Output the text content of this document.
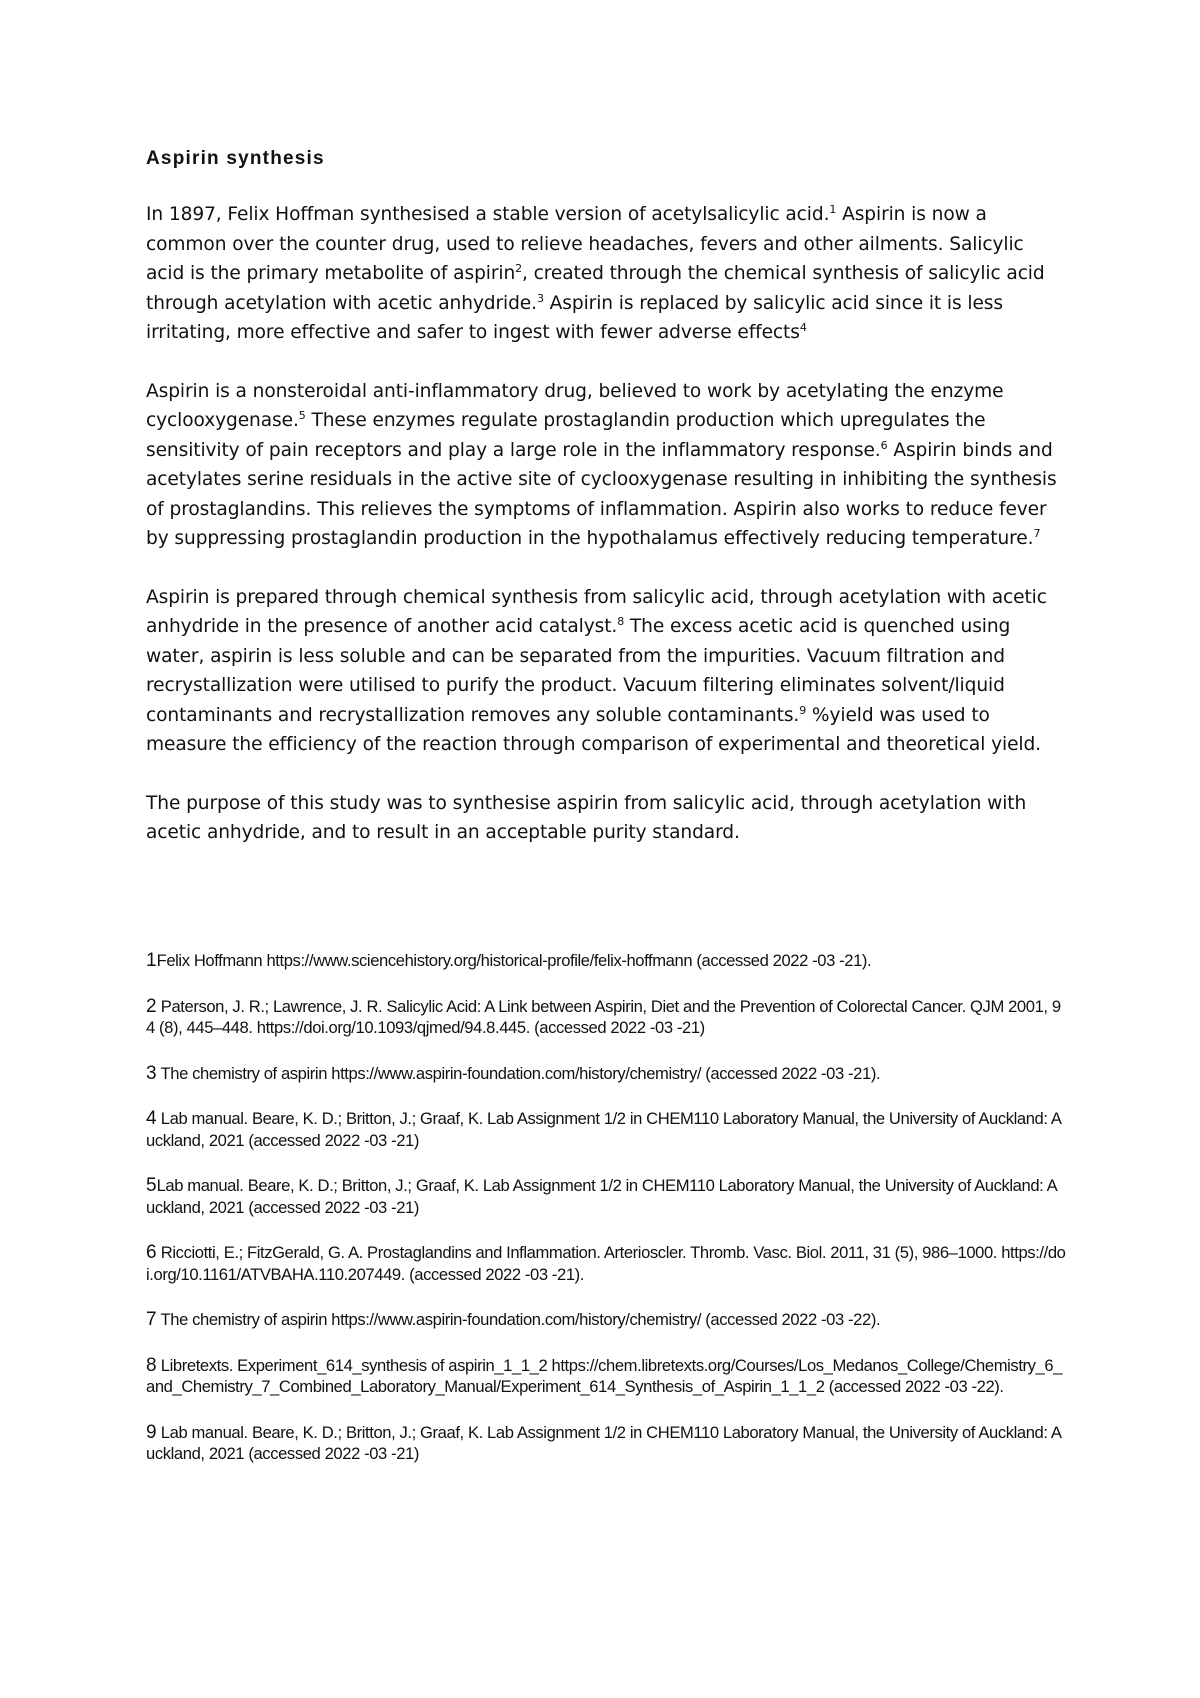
Aspirin synthesis

In 1897, Felix Hoffman synthesised a stable version of acetylsalicylic acid.$^1$ Aspirin is now a common over the counter drug, used to relieve headaches, fevers and other ailments. Salicylic acid is the primary metabolite of aspirin$^2$, created through the chemical synthesis of salicylic acid through acetylation with acetic anhydride.$^3$ Aspirin is replaced by salicylic acid since it is less irritating, more effective and safer to ingest with fewer adverse effects$^4$

Aspirin is a nonsteroidal anti-inflammatory drug, believed to work by acetylating the enzyme cyclooxygenase.$^5$ These enzymes regulate prostaglandin production which upregulates the sensitivity of pain receptors and play a large role in the inflammatory response.$^6$ Aspirin binds and acetylates serine residuals in the active site of cyclooxygenase resulting in inhibiting the synthesis of prostaglandins. This relieves the symptoms of inflammation. Aspirin also works to reduce fever by suppressing prostaglandin production in the hypothalamus effectively reducing temperature.$^7$

Aspirin is prepared through chemical synthesis from salicylic acid, through acetylation with acetic anhydride in the presence of another acid catalyst.$^8$ The excess acetic acid is quenched using water, aspirin is less soluble and can be separated from the impurities. Vacuum filtration and recrystallization were utilised to purify the product. Vacuum filtering eliminates solvent/liquid contaminants and recrystallization removes any soluble contaminants.$^9$ %yield was used to measure the efficiency of the reaction through comparison of experimental and theoretical yield.

The purpose of this study was to synthesise aspirin from salicylic acid, through acetylation with acetic anhydride, and to result in an acceptable purity standard.

1Felix Hoffmann https://www.sciencehistory.org/historical-profile/felix-hoffmann (accessed 2022 -03 -21).
2 Paterson, J. R.; Lawrence, J. R. Salicylic Acid: A Link between Aspirin, Diet and the Prevention of Colorectal Cancer. QJM 2001, 94 (8), 445–448. https://doi.org/10.1093/qjmed/94.8.445. (accessed 2022 -03 -21)
3 The chemistry of aspirin https://www.aspirin-foundation.com/history/chemistry/ (accessed 2022 -03 -21).
4 Lab manual. Beare, K. D.; Britton, J.; Graaf, K. Lab Assignment 1/2 in CHEM110 Laboratory Manual, the University of Auckland: Auckland, 2021 (accessed 2022 -03 -21)
5Lab manual. Beare, K. D.; Britton, J.; Graaf, K. Lab Assignment 1/2 in CHEM110 Laboratory Manual, the University of Auckland: Auckland, 2021 (accessed 2022 -03 -21)
6 Ricciotti, E.; FitzGerald, G. A. Prostaglandins and Inflammation. Arterioscler. Thromb. Vasc. Biol. 2011, 31 (5), 986–1000. https://doi.org/10.1161/ATVBAHA.110.207449. (accessed 2022 -03 -21).
7 The chemistry of aspirin https://www.aspirin-foundation.com/history/chemistry/ (accessed 2022 -03 -22).
8 Libretexts. Experiment_614_synthesis of aspirin_1_1_2 https://chem.libretexts.org/Courses/Los_Medanos_College/Chemistry_6_and_Chemistry_7_Combined_Laboratory_Manual/Experiment_614_Synthesis_of_Aspirin_1_1_2 (accessed 2022 -03 -22).
9 Lab manual. Beare, K. D.; Britton, J.; Graaf, K. Lab Assignment 1/2 in CHEM110 Laboratory Manual, the University of Auckland: Auckland, 2021 (accessed 2022 -03 -21)
